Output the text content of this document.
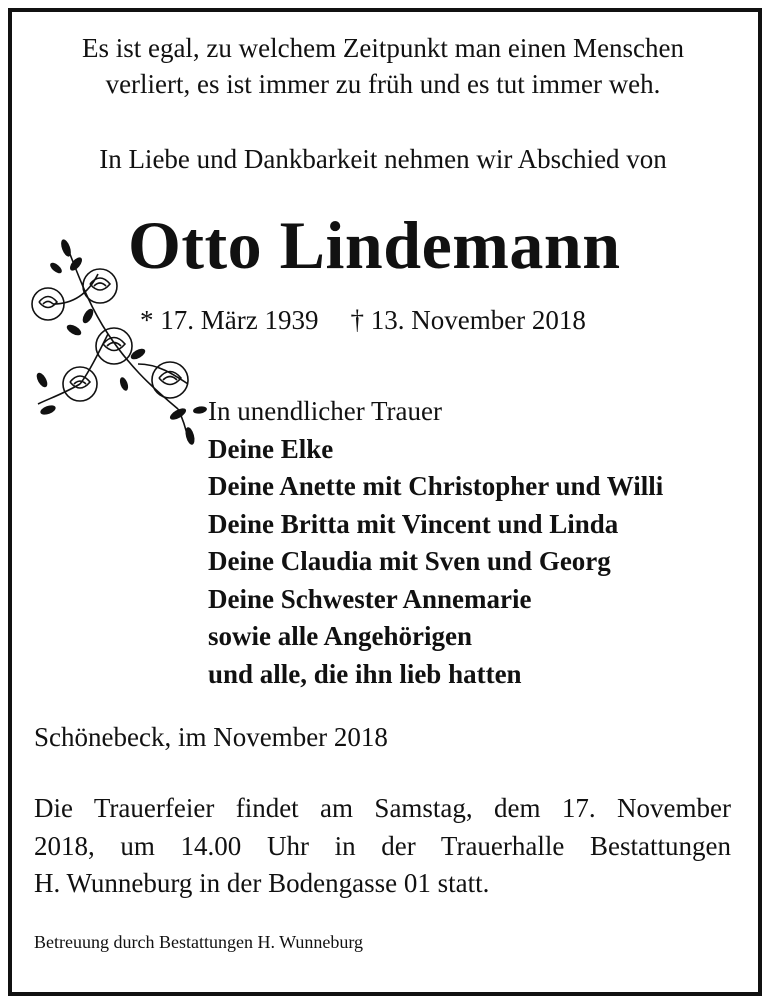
Es ist egal, zu welchem Zeitpunkt man einen Menschen
verliert, es ist immer zu früh und es tut immer weh.
In Liebe und Dankbarkeit nehmen wir Abschied von
Otto Lindemann
* 17. März 1939 † 13. November 2018
In unendlicher Trauer
Deine Elke
Deine Anette mit Christopher und Willi
Deine Britta mit Vincent und Linda
Deine Claudia mit Sven und Georg
Deine Schwester Annemarie
sowie alle Angehörigen
und alle, die ihn lieb hatten
Schönebeck, im November 2018
Die Trauerfeier findet am Samstag, dem 17. November
2018, um 14.00 Uhr in der Trauerhalle Bestattungen
H. Wunneburg in der Bodengasse 01 statt.
Betreuung durch Bestattungen H. Wunneburg
